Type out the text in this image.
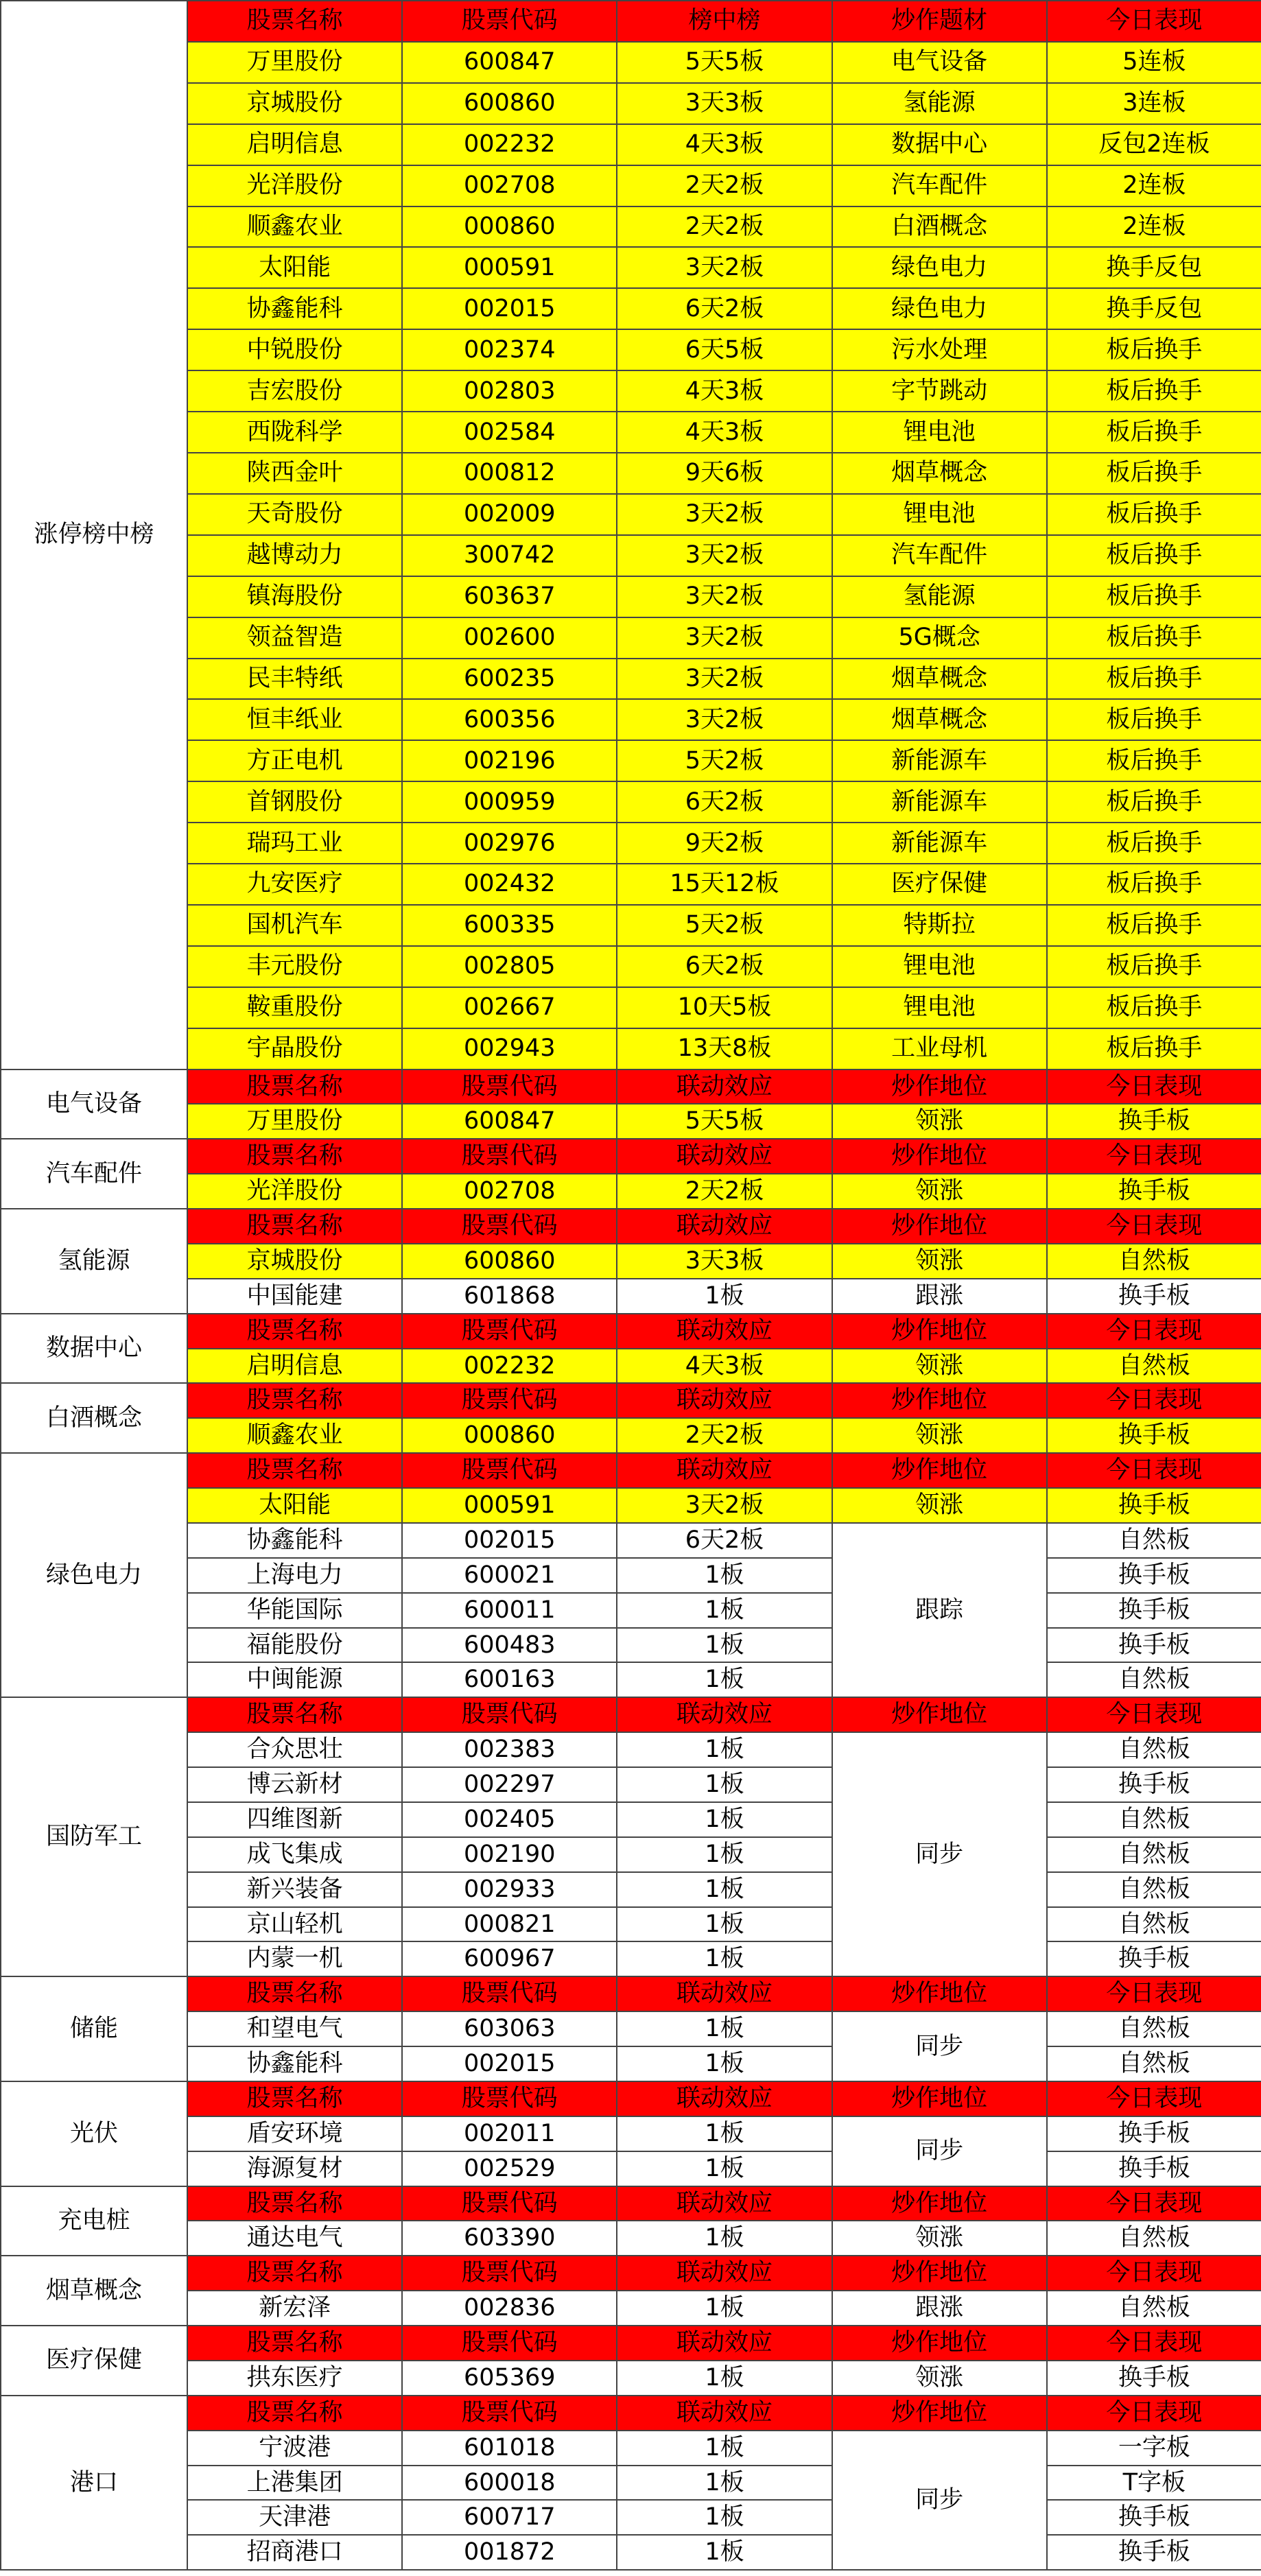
涨停榜中榜	股票名称	股票代码	榜中榜	炒作题材	今日表现
	万里股份	600847	5天5板	电气设备	5连板
	京城股份	600860	3天3板	氢能源	3连板
	启明信息	002232	4天3板	数据中心	反包2连板
	光洋股份	002708	2天2板	汽车配件	2连板
	顺鑫农业	000860	2天2板	白酒概念	2连板
	太阳能	000591	3天2板	绿色电力	换手反包
	协鑫能科	002015	6天2板	绿色电力	换手反包
	中锐股份	002374	6天5板	污水处理	板后换手
	吉宏股份	002803	4天3板	字节跳动	板后换手
	西陇科学	002584	4天3板	锂电池	板后换手
	陕西金叶	000812	9天6板	烟草概念	板后换手
	天奇股份	002009	3天2板	锂电池	板后换手
	越博动力	300742	3天2板	汽车配件	板后换手
	镇海股份	603637	3天2板	氢能源	板后换手
	领益智造	002600	3天2板	5G概念	板后换手
	民丰特纸	600235	3天2板	烟草概念	板后换手
	恒丰纸业	600356	3天2板	烟草概念	板后换手
	方正电机	002196	5天2板	新能源车	板后换手
	首钢股份	000959	6天2板	新能源车	板后换手
	瑞玛工业	002976	9天2板	新能源车	板后换手
	九安医疗	002432	15天12板	医疗保健	板后换手
	国机汽车	600335	5天2板	特斯拉	板后换手
	丰元股份	002805	6天2板	锂电池	板后换手
	鞍重股份	002667	10天5板	锂电池	板后换手
	宇晶股份	002943	13天8板	工业母机	板后换手
电气设备	股票名称	股票代码	联动效应	炒作地位	今日表现
	万里股份	600847	5天5板	领涨	换手板
汽车配件	股票名称	股票代码	联动效应	炒作地位	今日表现
	光洋股份	002708	2天2板	领涨	换手板
氢能源	股票名称	股票代码	联动效应	炒作地位	今日表现
	京城股份	600860	3天3板	领涨	自然板
	中国能建	601868	1板	跟涨	换手板
数据中心	股票名称	股票代码	联动效应	炒作地位	今日表现
	启明信息	002232	4天3板	领涨	自然板
白酒概念	股票名称	股票代码	联动效应	炒作地位	今日表现
	顺鑫农业	000860	2天2板	领涨	换手板
绿色电力	股票名称	股票代码	联动效应	炒作地位	今日表现
	太阳能	000591	3天2板	领涨	换手板
	协鑫能科	002015	6天2板	跟踪	自然板
	上海电力	600021	1板		换手板
	华能国际	600011	1板		换手板
	福能股份	600483	1板		换手板
	中闽能源	600163	1板		自然板
国防军工	股票名称	股票代码	联动效应	炒作地位	今日表现
	合众思壮	002383	1板	同步	自然板
	博云新材	002297	1板		换手板
	四维图新	002405	1板		自然板
	成飞集成	002190	1板		自然板
	新兴装备	002933	1板		自然板
	京山轻机	000821	1板		自然板
	内蒙一机	600967	1板		换手板
储能	股票名称	股票代码	联动效应	炒作地位	今日表现
	和望电气	603063	1板	同步	自然板
	协鑫能科	002015	1板		自然板
光伏	股票名称	股票代码	联动效应	炒作地位	今日表现
	盾安环境	002011	1板	同步	换手板
	海源复材	002529	1板		换手板
充电桩	股票名称	股票代码	联动效应	炒作地位	今日表现
	通达电气	603390	1板	领涨	自然板
烟草概念	股票名称	股票代码	联动效应	炒作地位	今日表现
	新宏泽	002836	1板	跟涨	自然板
医疗保健	股票名称	股票代码	联动效应	炒作地位	今日表现
	拱东医疗	605369	1板	领涨	换手板
港口	股票名称	股票代码	联动效应	炒作地位	今日表现
	宁波港	601018	1板	同步	一字板
	上港集团	600018	1板		T字板
	天津港	600717	1板		换手板
	招商港口	001872	1板		换手板
